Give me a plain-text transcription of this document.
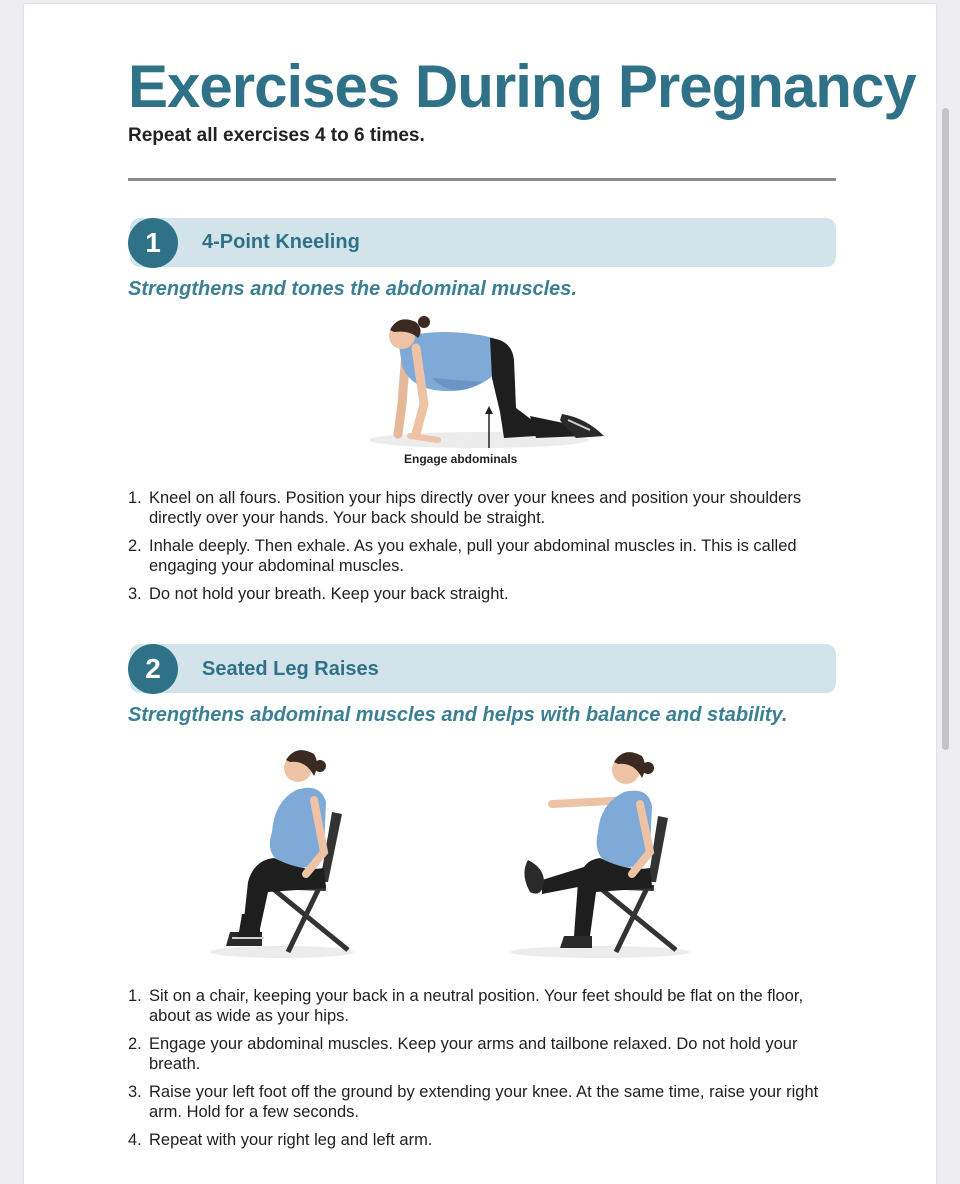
Exercises During Pregnancy

Repeat all exercises 4 to 6 times.

1	4-Point Kneeling
Strengthens and tones the abdominal muscles.
Engage abdominals
1. Kneel on all fours. Position your hips directly over your knees and position your shoulders directly over your hands. Your back should be straight.
2. Inhale deeply. Then exhale. As you exhale, pull your abdominal muscles in. This is called engaging your abdominal muscles.
3. Do not hold your breath. Keep your back straight.
2	Seated Leg Raises
Strengthens abdominal muscles and helps with balance and stability.
1. Sit on a chair, keeping your back in a neutral position. Your feet should be flat on the floor, about as wide as your hips.
2. Engage your abdominal muscles. Keep your arms and tailbone relaxed. Do not hold your breath.
3. Raise your left foot off the ground by extending your knee. At the same time, raise your right arm. Hold for a few seconds.
4. Repeat with your right leg and left arm.
